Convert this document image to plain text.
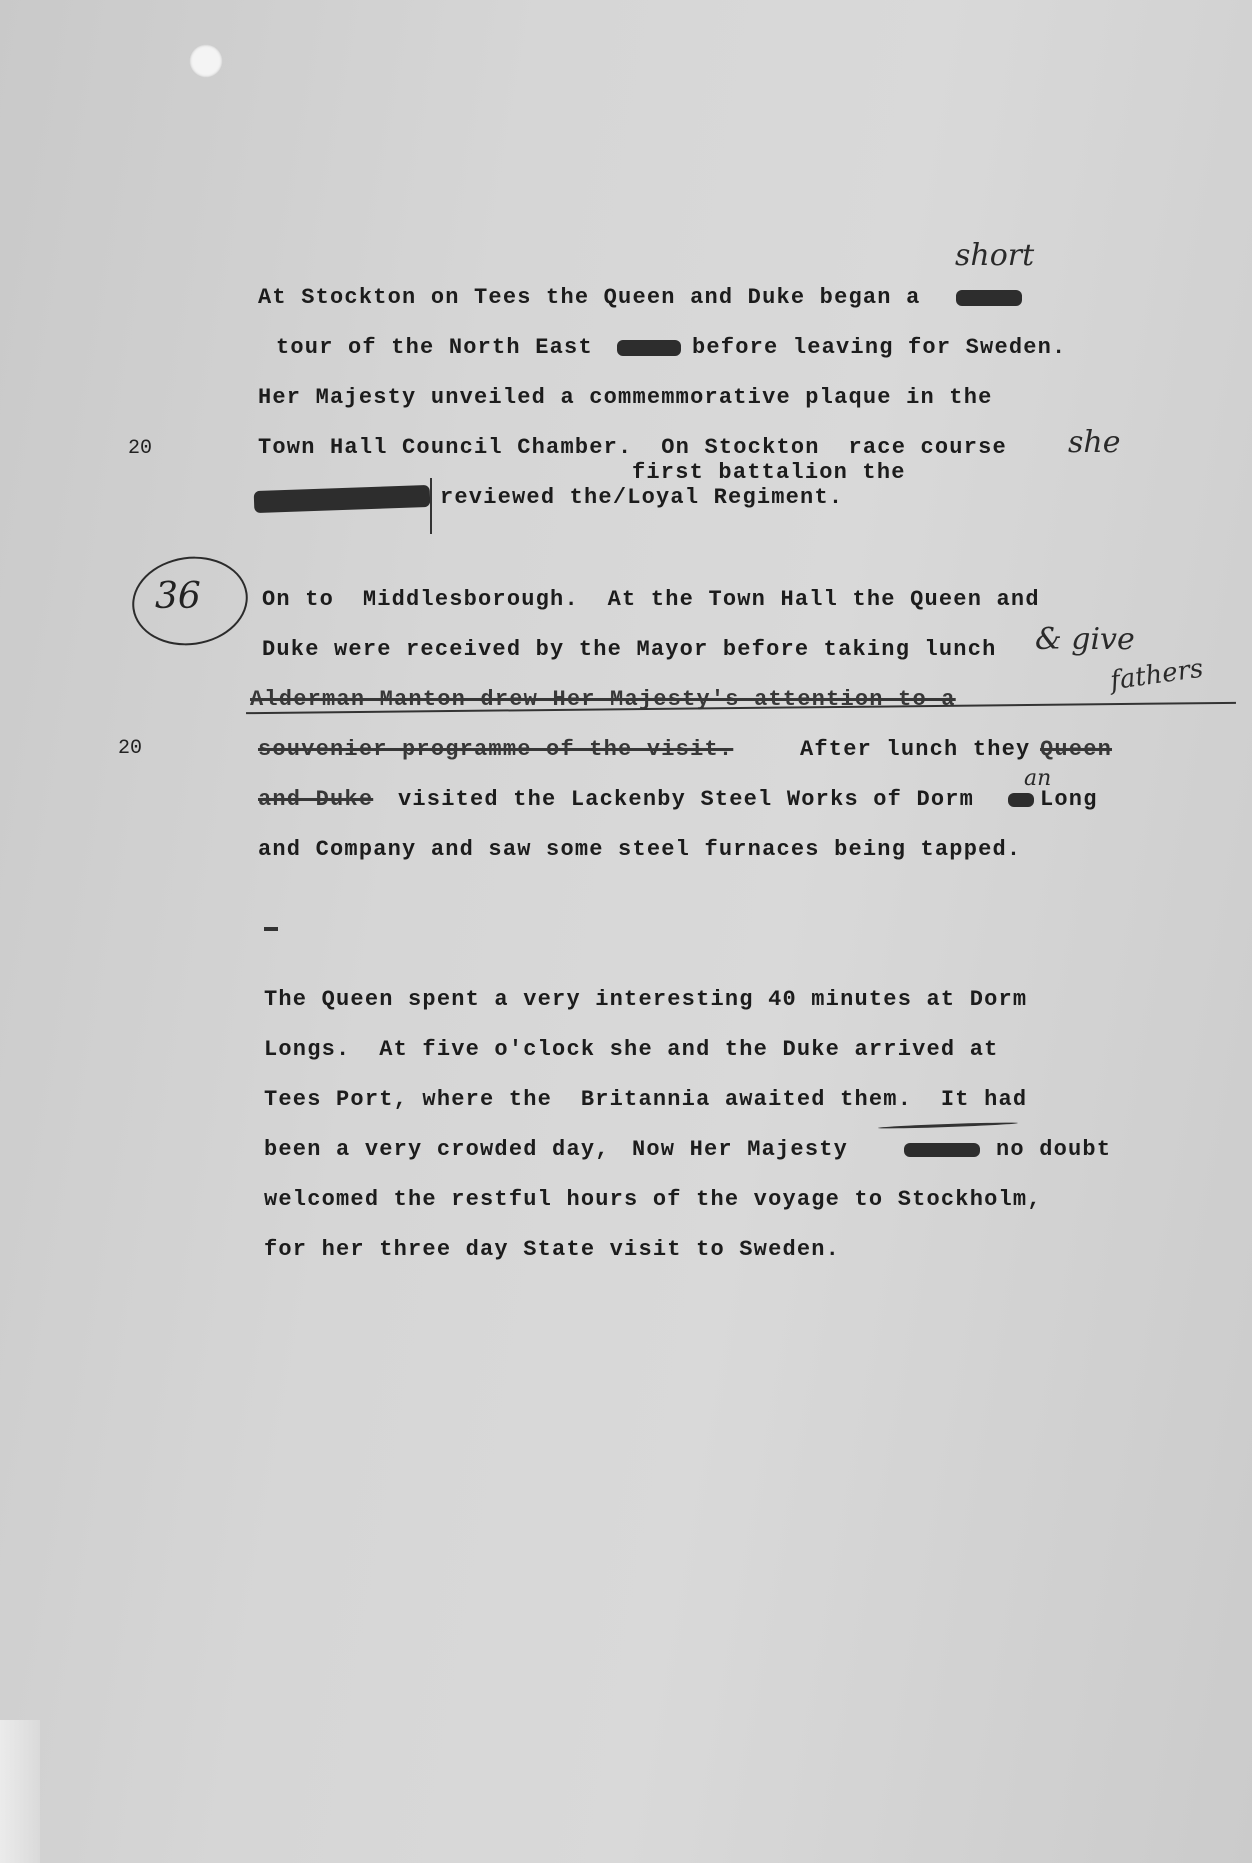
20
20
At Stockton on Tees the Queen and Duke began a
short
tour of the North East	before leaving for Sweden.
Her Majesty unveiled a commemmorative plaque in the
Town Hall Council Chamber.  On Stockton  race course she
first battalion the
reviewed the/Loyal Regiment.
36	On to  Middlesborough.  At the Town Hall the Queen and
Duke were received by the Mayor before taking lunch & give
fathers
Alderman Manton drew Her Majesty's attention to a
souvenier programme of the visit.	After lunch they Queen
and Duke visited the Lackenby Steel Works of Dorm
an
Long
and Company and saw some steel furnaces being tapped.
The Queen spent a very interesting 40 minutes at Dorm
Longs.  At five o'clock she and the Duke arrived at
Tees Port, where the  Britannia awaited them.  It had
been a very crowded day, Now Her Majesty	no doubt
welcomed the restful hours of the voyage to Stockholm,
for her three day State visit to Sweden.
